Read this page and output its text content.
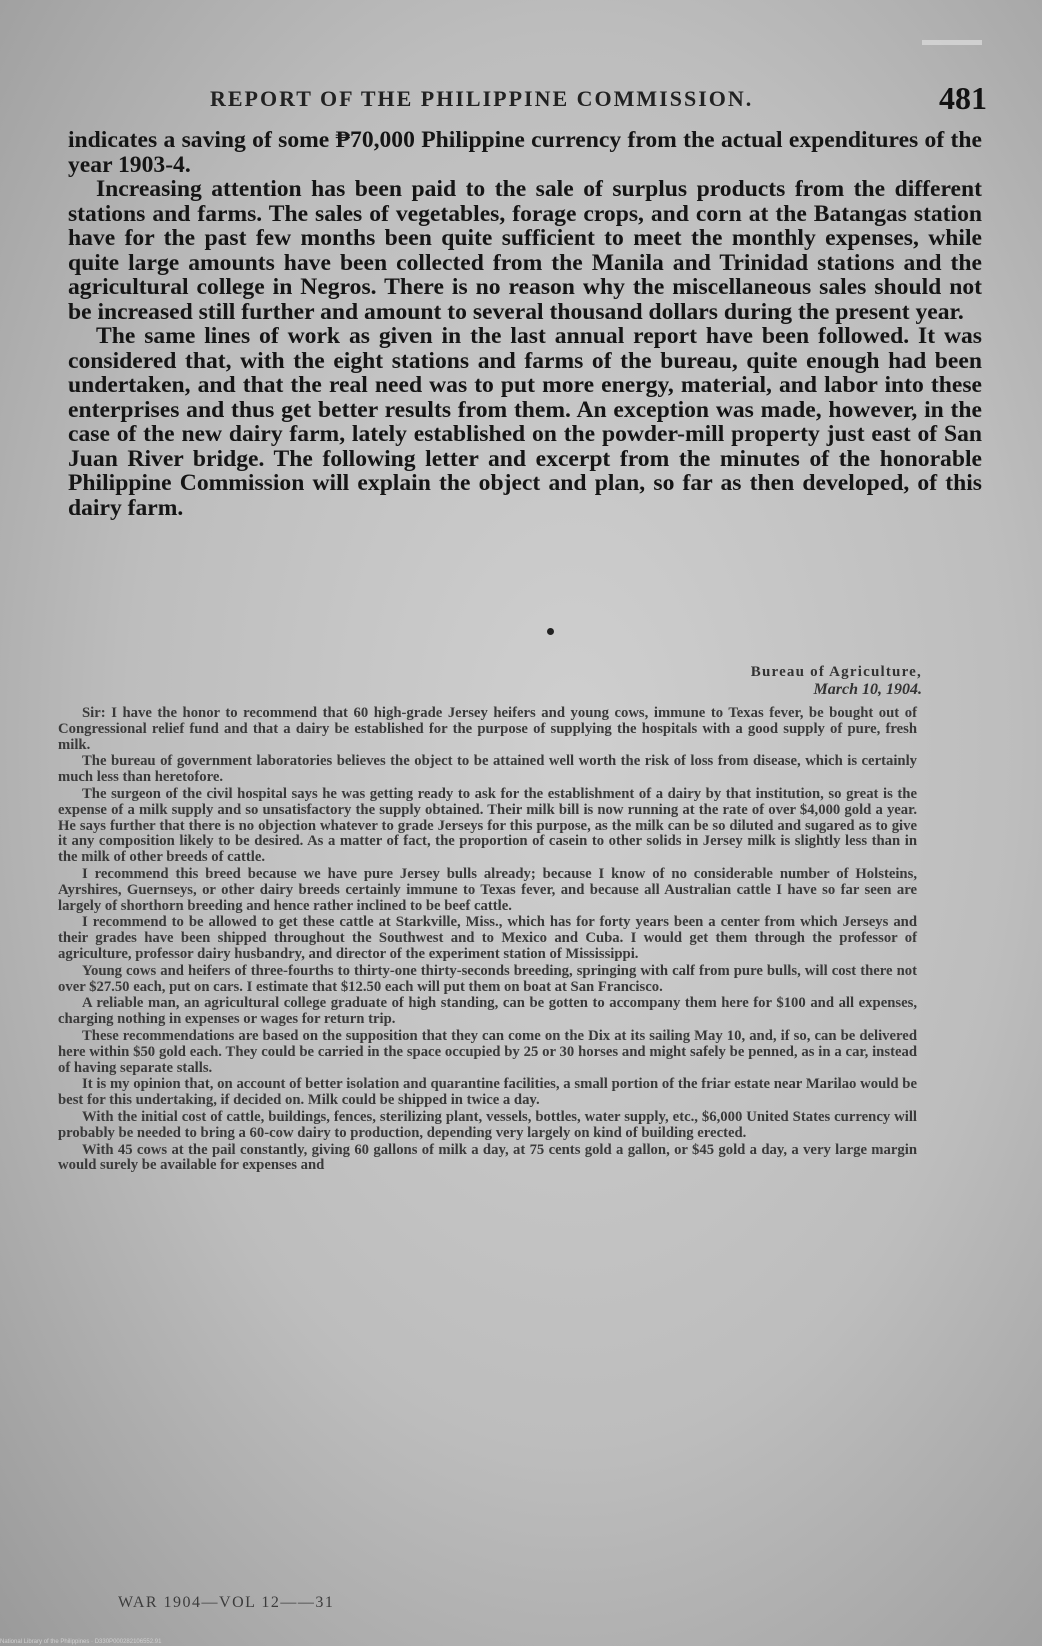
REPORT OF THE PHILIPPINE COMMISSION.	481

indicates a saving of some ₱70,000 Philippine currency from the actual expenditures of the year 1903-4.

Increasing attention has been paid to the sale of surplus products from the different stations and farms. The sales of vegetables, forage crops, and corn at the Batangas station have for the past few months been quite sufficient to meet the monthly expenses, while quite large amounts have been collected from the Manila and Trinidad stations and the agricultural college in Negros. There is no reason why the miscellaneous sales should not be increased still further and amount to several thousand dollars during the present year.

The same lines of work as given in the last annual report have been followed. It was considered that, with the eight stations and farms of the bureau, quite enough had been undertaken, and that the real need was to put more energy, material, and labor into these enterprises and thus get better results from them. An exception was made, however, in the case of the new dairy farm, lately established on the powder-mill property just east of San Juan River bridge. The following letter and excerpt from the minutes of the honorable Philippine Commission will explain the object and plan, so far as then developed, of this dairy farm.

Bureau of Agriculture,
March 10, 1904.

Sir: I have the honor to recommend that 60 high-grade Jersey heifers and young cows, immune to Texas fever, be bought out of Congressional relief fund and that a dairy be established for the purpose of supplying the hospitals with a good supply of pure, fresh milk.

The bureau of government laboratories believes the object to be attained well worth the risk of loss from disease, which is certainly much less than heretofore.

The surgeon of the civil hospital says he was getting ready to ask for the establishment of a dairy by that institution, so great is the expense of a milk supply and so unsatisfactory the supply obtained. Their milk bill is now running at the rate of over $4,000 gold a year. He says further that there is no objection whatever to grade Jerseys for this purpose, as the milk can be so diluted and sugared as to give it any composition likely to be desired. As a matter of fact, the proportion of casein to other solids in Jersey milk is slightly less than in the milk of other breeds of cattle.

I recommend this breed because we have pure Jersey bulls already; because I know of no considerable number of Holsteins, Ayrshires, Guernseys, or other dairy breeds certainly immune to Texas fever, and because all Australian cattle I have so far seen are largely of shorthorn breeding and hence rather inclined to be beef cattle.

I recommend to be allowed to get these cattle at Starkville, Miss., which has for forty years been a center from which Jerseys and their grades have been shipped throughout the Southwest and to Mexico and Cuba. I would get them through the professor of agriculture, professor dairy husbandry, and director of the experiment station of Mississippi.

Young cows and heifers of three-fourths to thirty-one thirty-seconds breeding, springing with calf from pure bulls, will cost there not over $27.50 each, put on cars. I estimate that $12.50 each will put them on boat at San Francisco.

A reliable man, an agricultural college graduate of high standing, can be gotten to accompany them here for $100 and all expenses, charging nothing in expenses or wages for return trip.

These recommendations are based on the supposition that they can come on the Dix at its sailing May 10, and, if so, can be delivered here within $50 gold each. They could be carried in the space occupied by 25 or 30 horses and might safely be penned, as in a car, instead of having separate stalls.

It is my opinion that, on account of better isolation and quarantine facilities, a small portion of the friar estate near Marilao would be best for this undertaking, if decided on. Milk could be shipped in twice a day.

With the initial cost of cattle, buildings, fences, sterilizing plant, vessels, bottles, water supply, etc., $6,000 United States currency will probably be needed to bring a 60-cow dairy to production, depending very largely on kind of building erected.

With 45 cows at the pail constantly, giving 60 gallons of milk a day, at 75 cents gold a gallon, or $45 gold a day, a very large margin would surely be available for expenses and

WAR 1904—VOL 12——31
National Library of the Philippines · D330P000282106552.91
